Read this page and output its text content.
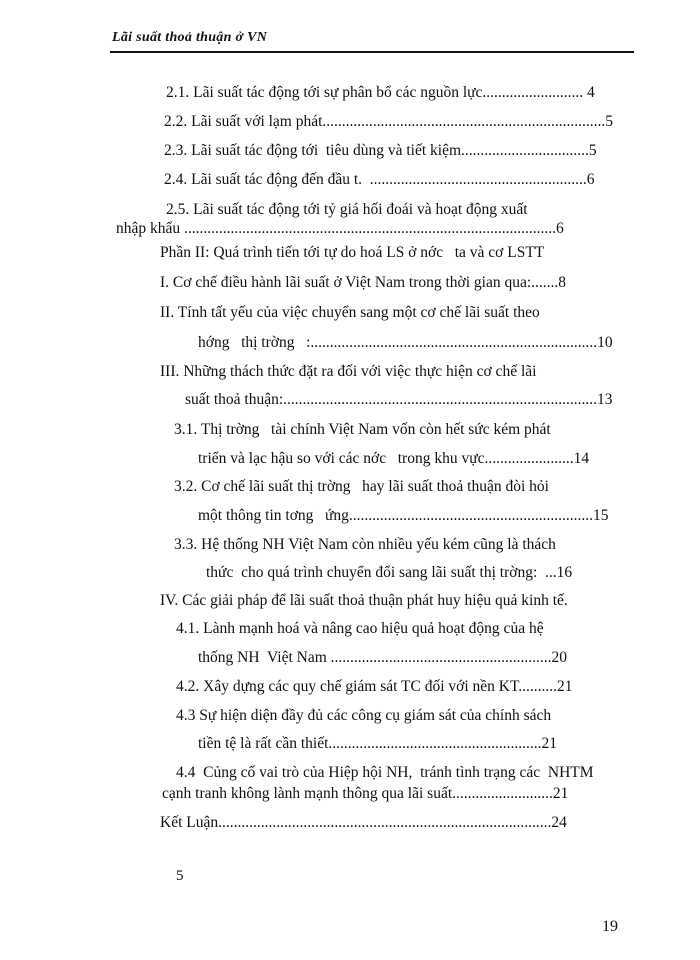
Lãi suất thoả thuận ở VN
2.1. Lãi suất tác động tới sự phân bổ các nguồn lực.......................... 4
2.2. Lãi suất với lạm phát.........................................................................5
2.3. Lãi suất tác động tới  tiêu dùng và tiết kiệm.................................5
2.4. Lãi suất tác động đến đầu t.  ........................................................6
2.5. Lãi suất tác động tới tỷ giá hối đoái và hoạt động xuất
nhập khẩu ................................................................................................6
Phần II: Quá trình tiến tới tự do hoá LS ở nớc   ta và cơ LSTT
I. Cơ chế điều hành lãi suất ở Việt Nam trong thời gian qua:.......8
II. Tính tất yếu của việc chuyển sang một cơ chế lãi suất theo
hớng   thị trờng   :..........................................................................10
III. Những thách thức đặt ra đối với việc thực hiện cơ chế lãi
suất thoả thuận:.................................................................................13
3.1. Thị trờng   tài chính Việt Nam vốn còn hết sức kém phát
triển và lạc hậu so với các nớc   trong khu vực.......................14
3.2. Cơ chế lãi suất thị trờng   hay lãi suất thoả thuận đòi hỏi
một thông tin tơng   ứng...............................................................15
3.3. Hệ thống NH Việt Nam còn nhiều yếu kém cũng là thách
thức  cho quá trình chuyển đổi sang lãi suất thị trờng:  ...16
IV. Các giải pháp để lãi suất thoả thuận phát huy hiệu quả kinh tế.
4.1. Lành mạnh hoá và nâng cao hiệu quả hoạt động của hệ
thống NH  Việt Nam .........................................................20
4.2. Xây dựng các quy chế giám sát TC đối với nền KT..........21
4.3 Sự hiện diện đầy đủ các công cụ giám sát của chính sách
tiền tệ là rất cần thiết.......................................................21
4.4  Củng cố vai trò của Hiệp hội NH,  tránh tình trạng các  NHTM
cạnh tranh không lành mạnh thông qua lãi suất..........................21
Kết Luận......................................................................................24
5
19
